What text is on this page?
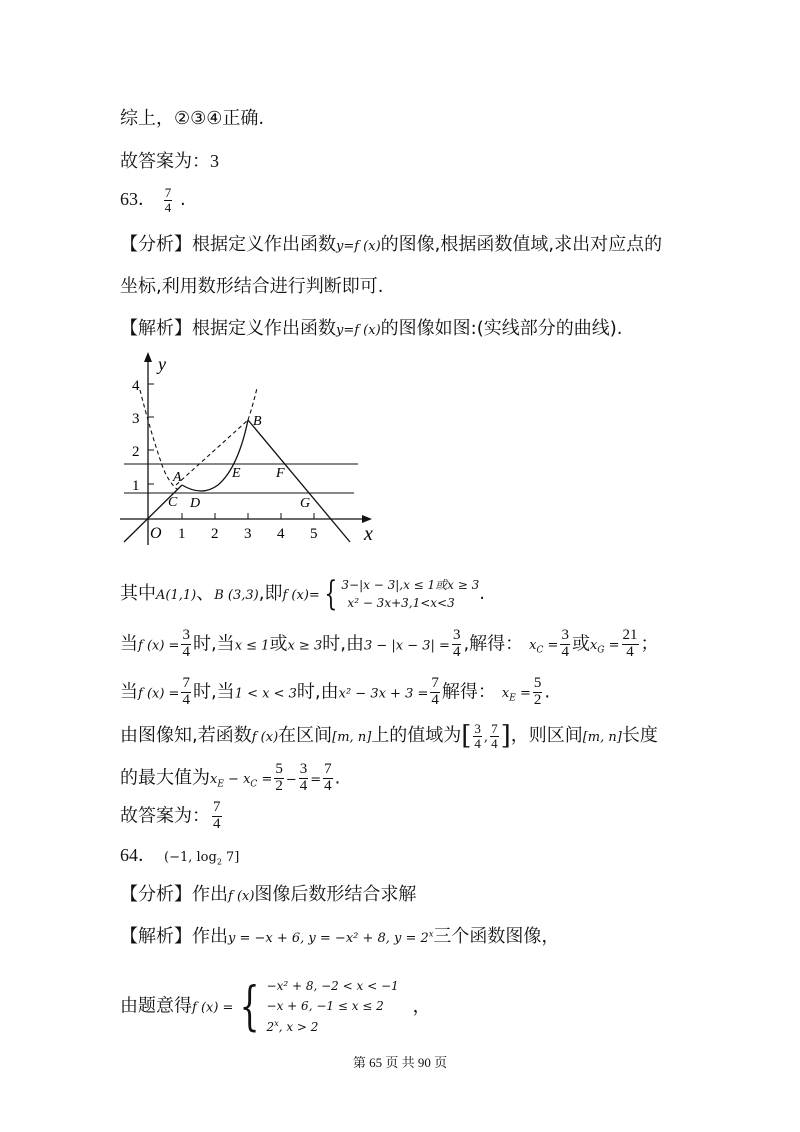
综上，②③④正确.
故答案为：3
63． $\frac{7}{4}$ .
【分析】根据定义作出函数y=f (x)的图像,根据函数值域,求出对应点的
坐标,利用数形结合进行判断即可.
【解析】根据定义作出函数y=f (x)的图像如图:(实线部分的曲线).
y
x
O 1 2 3 4 5
1
2
3
4
A
B
C D
E	F
G
其中A(1,1)、B (3,3),即f (x)= { 3−|x − 3|,x ≤ 1或x ≥ 3
x² − 3x+3,1<x<3	.
当f $(x) = \frac{3}{4}$ 时,当x ≤ 1或x ≥ 3时,由$3 - |x - 3| = \frac{3}{4}$ ,解得： $x_C = \frac{3}{4}$ 或$x_G = \frac{21}{4}$ ；
当f $(x) = \frac{7}{4}$ 时,当1 < x < 3时,由$x^2 - 3x + 3 = \frac{7}{4}$ 解得： $x_E = \frac{5}{2}$ .
由图像知,若函数f (x)在区间[m, n]上的值域为[ $\frac{3}{4}$ , $\frac{7}{4}$ ]，则区间[m, n]长度
的最大值为$x_E - x_C = \frac{5}{2} - \frac{3}{4} = \frac{7}{4}$ .
故答案为： $\frac{7}{4}$
64． (−1, $\log_2 7$]
【分析】作出f (x)图像后数形结合求解
【解析】作出y = −x + 6, y = −x² + 8, $y = 2^x$三个函数图像，
由题意得f (x) = { −x² + 8, −2 < x < −1
−x + 6, −1 ≤ x ≤ 2
2$^x$, x > 2
，
第 65 页 共 90 页
